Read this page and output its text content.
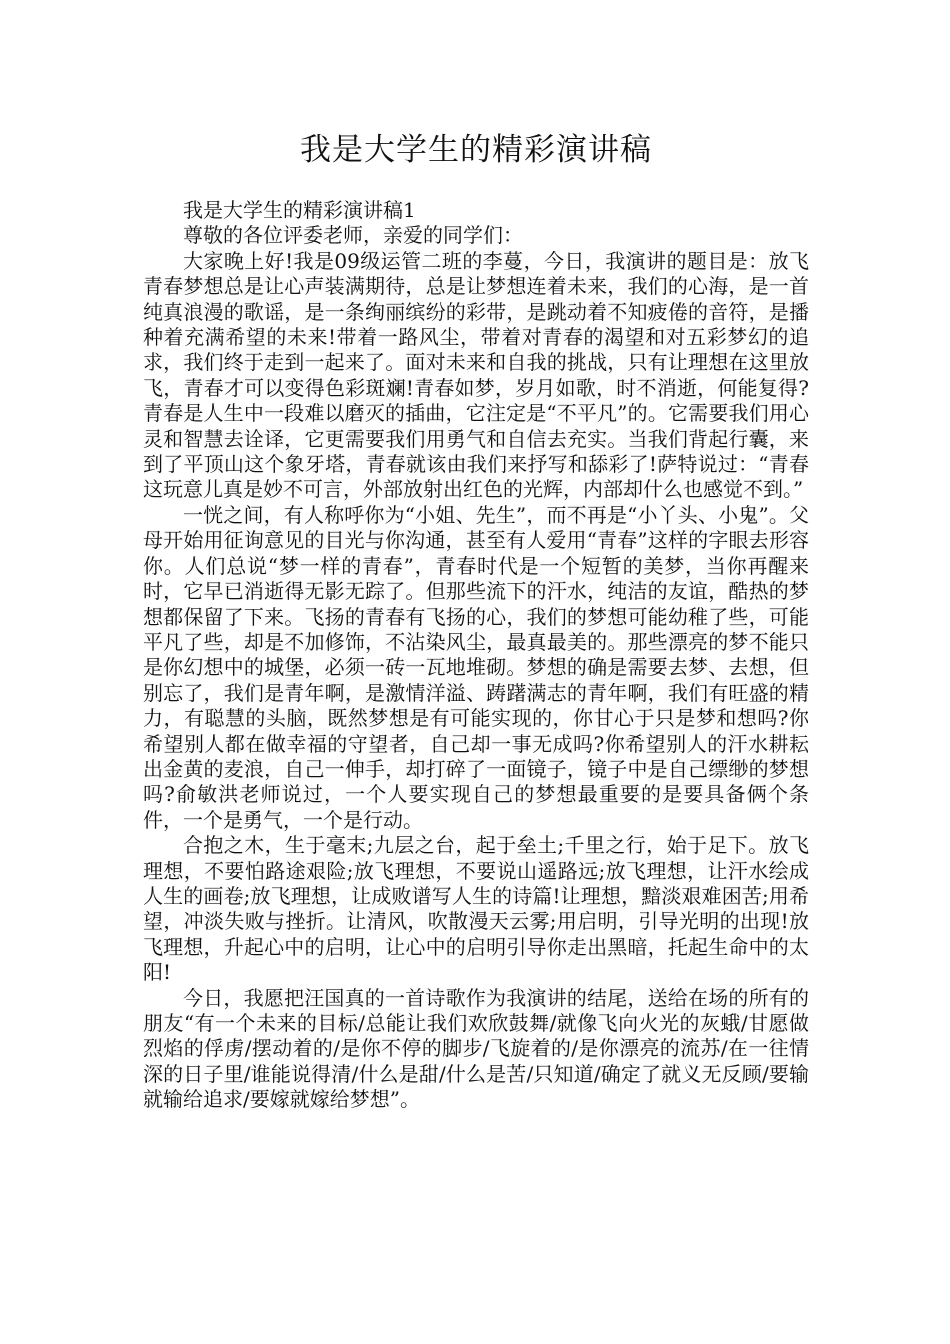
我是大学生的精彩演讲稿

我是大学生的精彩演讲稿1

尊敬的各位评委老师，亲爱的同学们：

大家晚上好!我是09级运管二班的李蔓，今日，我演讲的题目是：放飞青春梦想总是让心声装满期待，总是让梦想连着未来，我们的心海，是一首纯真浪漫的歌谣，是一条绚丽缤纷的彩带，是跳动着不知疲倦的音符，是播种着充满希望的未来!带着一路风尘，带着对青春的渴望和对五彩梦幻的追求，我们终于走到一起来了。面对未来和自我的挑战，只有让理想在这里放飞，青春才可以变得色彩斑斓!青春如梦，岁月如歌，时不消逝，何能复得?青春是人生中一段难以磨灭的插曲，它注定是“不平凡”的。它需要我们用心灵和智慧去诠译，它更需要我们用勇气和自信去充实。当我们背起行囊，来到了平顶山这个象牙塔，青春就该由我们来抒写和舔彩了!萨特说过：“青春这玩意儿真是妙不可言，外部放射出红色的光辉，内部却什么也感觉不到。”

一恍之间，有人称呼你为“小姐、先生”，而不再是“小丫头、小鬼”。父母开始用征询意见的目光与你沟通，甚至有人爱用“青春”这样的字眼去形容你。人们总说“梦一样的青春”，青春时代是一个短暂的美梦，当你再醒来时，它早已消逝得无影无踪了。但那些流下的汗水，纯洁的友谊，酷热的梦想都保留了下来。飞扬的青春有飞扬的心，我们的梦想可能幼稚了些，可能平凡了些，却是不加修饰，不沾染风尘，最真最美的。那些漂亮的梦不能只是你幻想中的城堡，必须一砖一瓦地堆砌。梦想的确是需要去梦、去想，但别忘了，我们是青年啊，是激情洋溢、踌躇满志的青年啊，我们有旺盛的精力，有聪慧的头脑，既然梦想是有可能实现的，你甘心于只是梦和想吗?你希望别人都在做幸福的守望者，自己却一事无成吗?你希望别人的汗水耕耘出金黄的麦浪，自己一伸手，却打碎了一面镜子，镜子中是自己缥缈的梦想吗?俞敏洪老师说过，一个人要实现自己的梦想最重要的是要具备俩个条件，一个是勇气，一个是行动。

合抱之木，生于毫末;九层之台，起于垒土;千里之行，始于足下。放飞理想，不要怕路途艰险;放飞理想，不要说山遥路远;放飞理想，让汗水绘成人生的画卷;放飞理想，让成败谱写人生的诗篇!让理想，黯淡艰难困苦;用希望，冲淡失败与挫折。让清风，吹散漫天云雾;用启明，引导光明的出现!放飞理想，升起心中的启明，让心中的启明引导你走出黑暗，托起生命中的太阳!

今日，我愿把汪国真的一首诗歌作为我演讲的结尾，送给在场的所有的朋友“有一个未来的目标/总能让我们欢欣鼓舞/就像飞向火光的灰蛾/甘愿做烈焰的俘虏/摆动着的/是你不停的脚步/飞旋着的/是你漂亮的流苏/在一往情深的日子里/谁能说得清/什么是甜/什么是苦/只知道/确定了就义无反顾/要输就输给追求/要嫁就嫁给梦想”。
